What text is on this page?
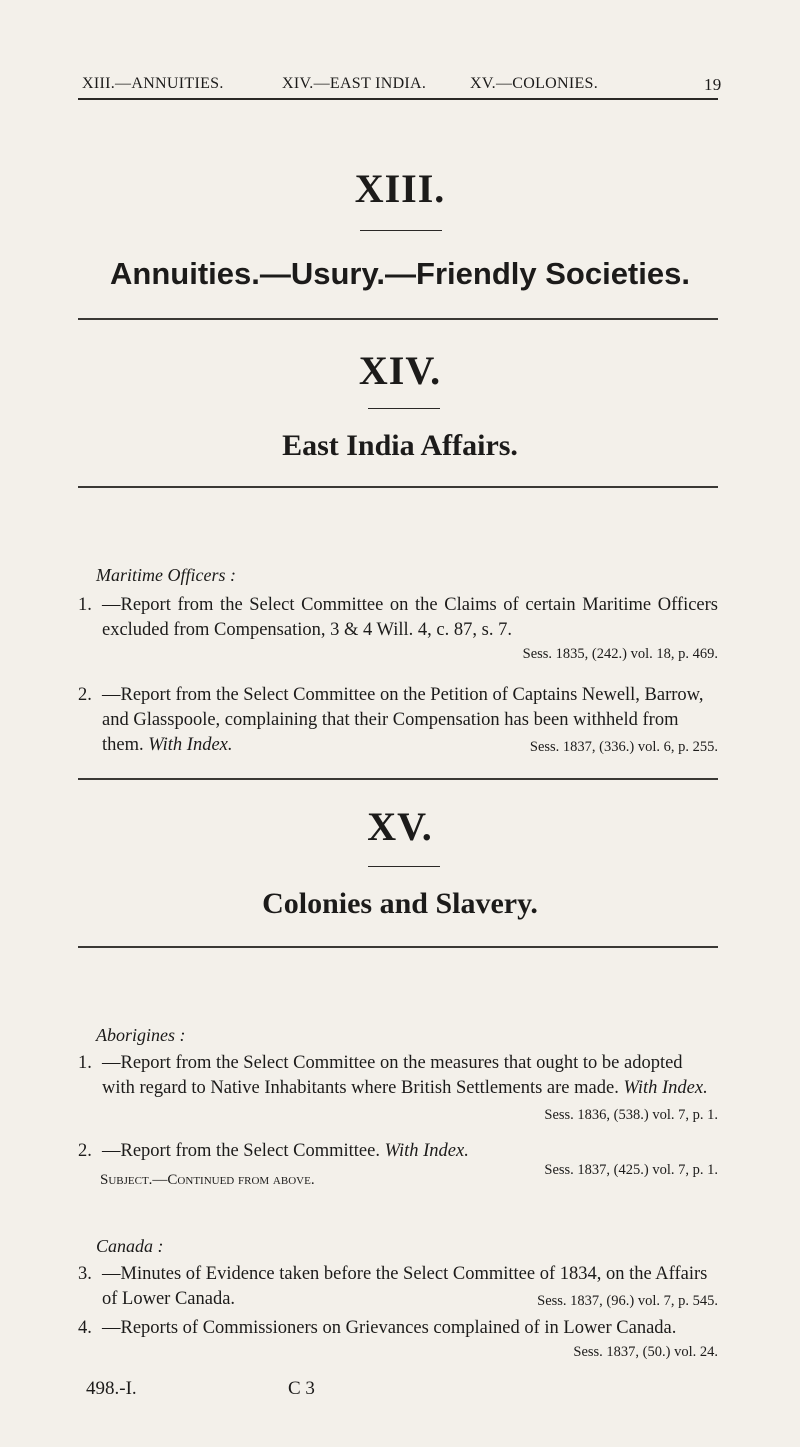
XIII.—ANNUITIES.	XIV.—EAST INDIA.	XV.—COLONIES.	19
XIII.
Annuities.—Usury.—Friendly Societies.
XIV.
East India Affairs.
Maritime Officers :
1. —Report from the Select Committee on the Claims of certain Maritime Officers excluded from Compensation, 3 & 4 Will. 4, c. 87, s. 7.
Sess. 1835, (242.) vol. 18, p. 469.
2. —Report from the Select Committee on the Petition of Captains Newell, Barrow, and Glasspoole, complaining that their Compensation has been withheld from them. With Index.	Sess. 1837, (336.) vol. 6, p. 255.
XV.
Colonies and Slavery.
Aborigines :
1. —Report from the Select Committee on the measures that ought to be adopted with regard to Native Inhabitants where British Settlements are made. With Index.
Sess. 1836, (538.) vol. 7, p. 1.
2. —Report from the Select Committee. With Index.
Subject.—Continued from above.
Sess. 1837, (425.) vol. 7, p. 1.
Canada :
3. —Minutes of Evidence taken before the Select Committee of 1834, on the Affairs of Lower Canada.	Sess. 1837, (96.) vol. 7, p. 545.
4. —Reports of Commissioners on Grievances complained of in Lower Canada.
Sess. 1837, (50.) vol. 24.
498.-I.	C 3
